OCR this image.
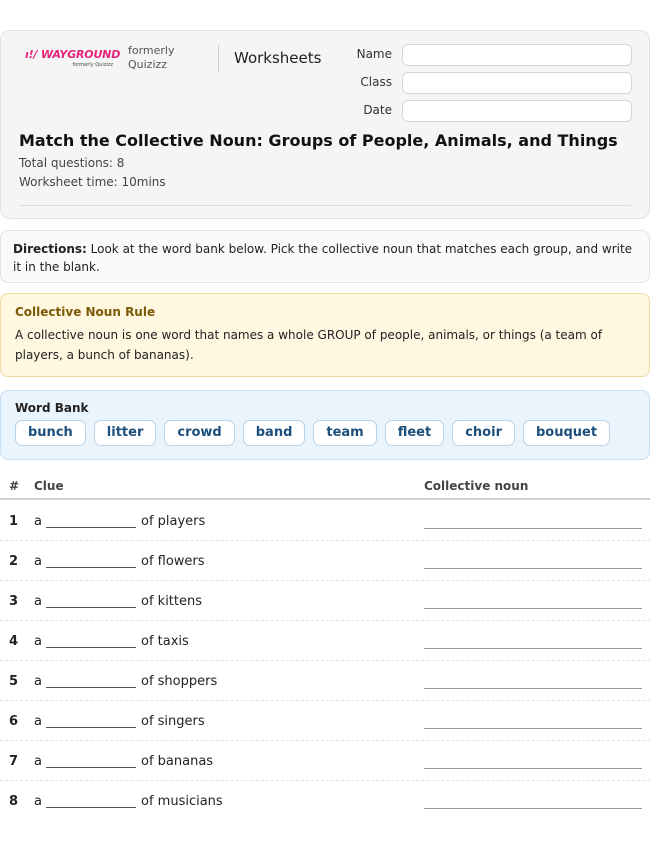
ı!/ WAYGROUND
formerly Quizizz
formerly
Quizizz	Worksheets	Name
Class
Date
Match the Collective Noun: Groups of People, Animals, and Things
Total questions: 8
Worksheet time: 10mins
Directions: Look at the word bank below. Pick the collective noun that matches each group, and write it in the blank.
Collective Noun Rule
A collective noun is one word that names a whole GROUP of people, animals, or things (a team of players, a bunch of bananas).
Word Bank
bunch	litter	crowd	band	team	fleet	choir	bouquet
# Clue	Collective noun
1 a	of players
2 a	of flowers
3 a	of kittens
4 a	of taxis
5 a	of shoppers
6 a	of singers
7 a	of bananas
8 a	of musicians
